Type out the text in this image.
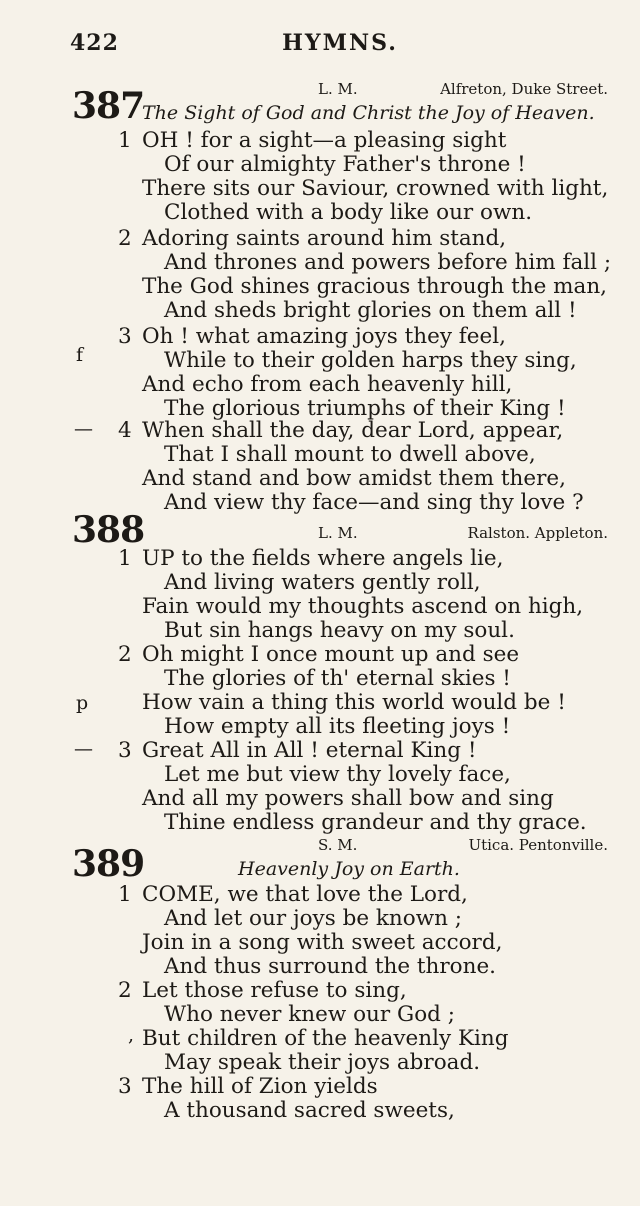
422	HYMNS.
L. M.	Alfreton, Duke Street.
387
The Sight of God and Christ the Joy of Heaven.
1 OH ! for a sight—a pleasing sight
Of our almighty Father's throne !
There sits our Saviour, crowned with light,
Clothed with a body like our own.
2 Adoring saints around him stand,
And thrones and powers before him fall ;
The God shines gracious through the man,
And sheds bright glories on them all !
3
f
Oh ! what amazing joys they feel,
While to their golden harps they sing,
And echo from each heavenly hill,
The glorious triumphs of their King !
— 4 When shall the day, dear Lord, appear,
That I shall mount to dwell above,
And stand and bow amidst them there,
And view thy face—and sing thy love ?
388	L. M.	Ralston. Appleton.
1 UP to the fields where angels lie,
And living waters gently roll,
Fain would my thoughts ascend on high,
But sin hangs heavy on my soul.
2 Oh might I once mount up and see
The glories of th' eternal skies !
p	How vain a thing this world would be !
How empty all its fleeting joys !
— 3 Great All in All ! eternal King !
Let me but view thy lovely face,
And all my powers shall bow and sing
Thine endless grandeur and thy grace.
S. M.	Utica. Pentonville.
389	Heavenly Joy on Earth.
1 COME, we that love the Lord,
And let our joys be known ;
Join in a song with sweet accord,
And thus surround the throne.
2 Let those refuse to sing,
Who never knew our God ;
, But children of the heavenly King
May speak their joys abroad.
3 The hill of Zion yields
A thousand sacred sweets,
